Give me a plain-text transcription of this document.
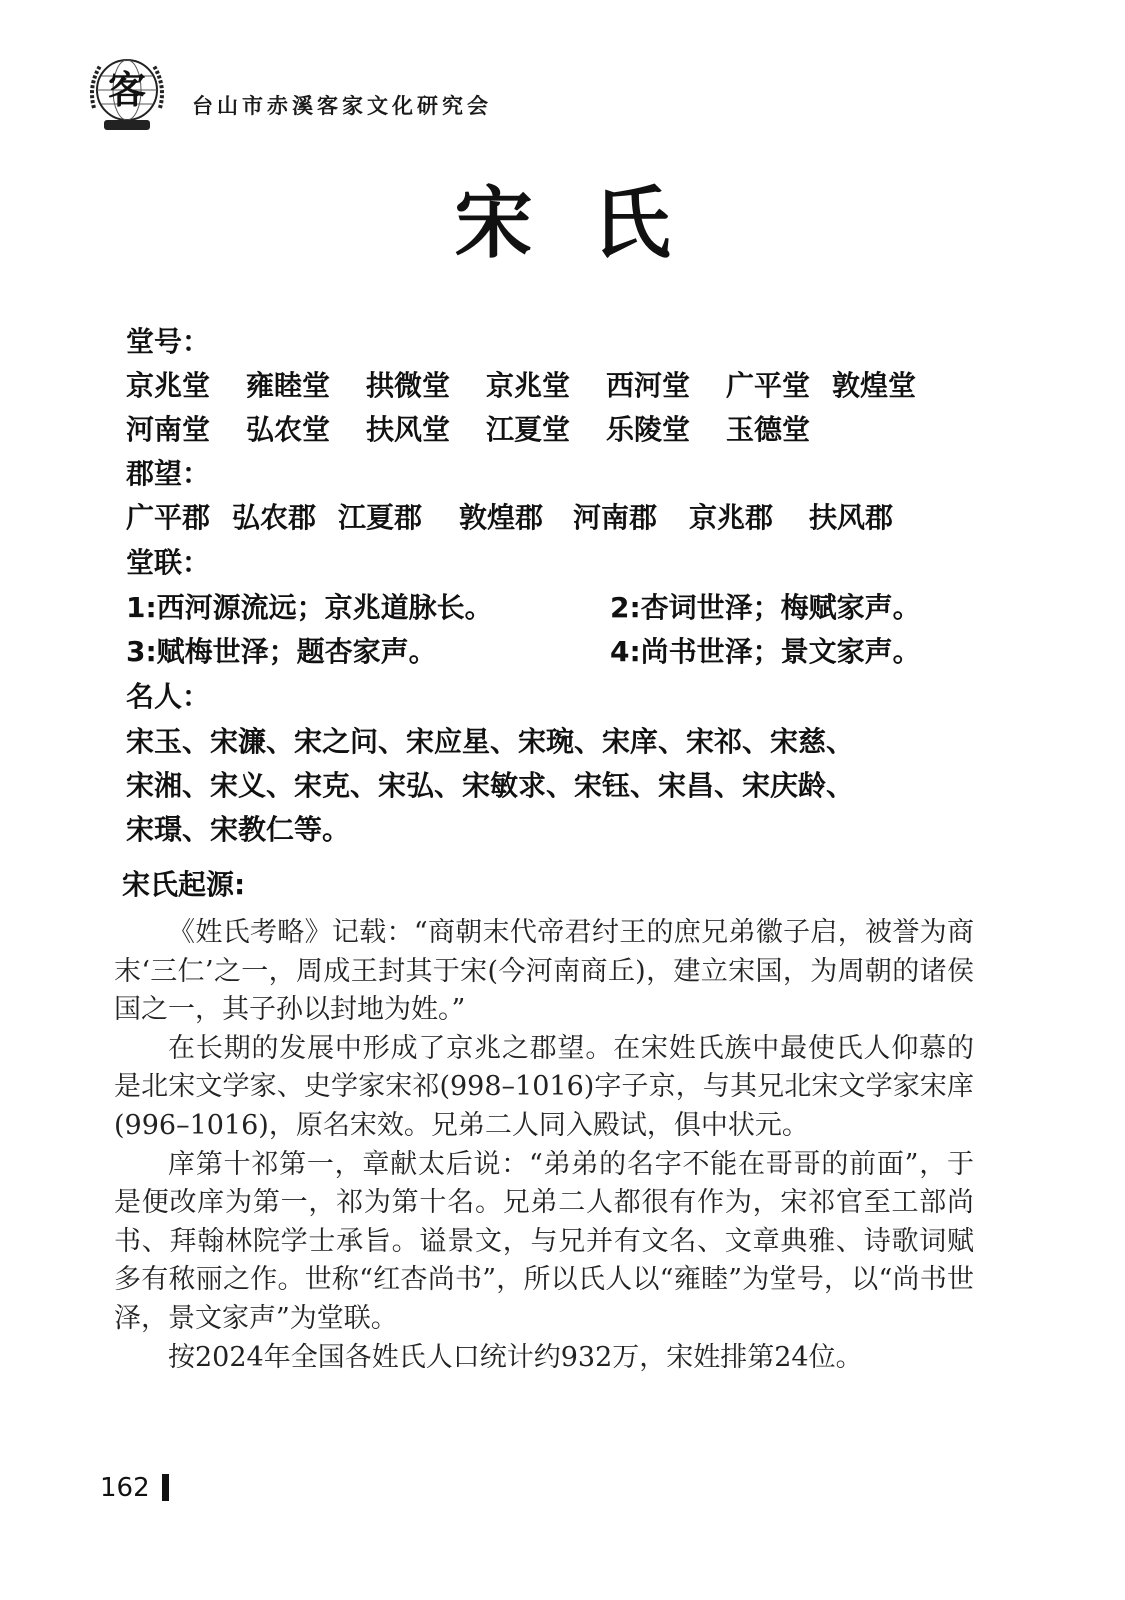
客 台山市赤溪客家文化研究会
宋氏
堂号：
京兆堂 雍睦堂 拱微堂 京兆堂 西河堂 广平堂 敦煌堂
河南堂 弘农堂 扶风堂 江夏堂 乐陵堂 玉德堂
郡望：
广平郡 弘农郡 江夏郡 敦煌郡 河南郡 京兆郡 扶风郡
堂联：
1:西河源流远；京兆道脉长。	2:杏词世泽；梅赋家声。
3:赋梅世泽；题杏家声。	4:尚书世泽；景文家声。
名人：
宋玉、宋濂、宋之问、宋应星、宋琬、宋庠、宋祁、宋慈、
宋湘、宋义、宋克、宋弘、宋敏求、宋钰、宋昌、宋庆龄、
宋璟、宋教仁等。
宋氏起源:

《姓氏考略》记载：“商朝末代帝君纣王的庶兄弟徽子启，被誉为商末‘三仁’之一，周成王封其于宋(今河南商丘)，建立宋国，为周朝的诸侯国之一，其子孙以封地为姓。”

在长期的发展中形成了京兆之郡望。在宋姓氏族中最使氏人仰慕的是北宋文学家、史学家宋祁(998–1016)字子京，与其兄北宋文学家宋庠(996–1016)，原名宋效。兄弟二人同入殿试，俱中状元。

庠第十祁第一，章献太后说：“弟弟的名字不能在哥哥的前面”，于是便改庠为第一，祁为第十名。兄弟二人都很有作为，宋祁官至工部尚书、拜翰林院学士承旨。谥景文，与兄并有文名、文章典雅、诗歌词赋多有秾丽之作。世称“红杏尚书”，所以氏人以“雍睦”为堂号，以“尚书世泽，景文家声”为堂联。

按2024年全国各姓氏人口统计约932万，宋姓排第24位。

162
